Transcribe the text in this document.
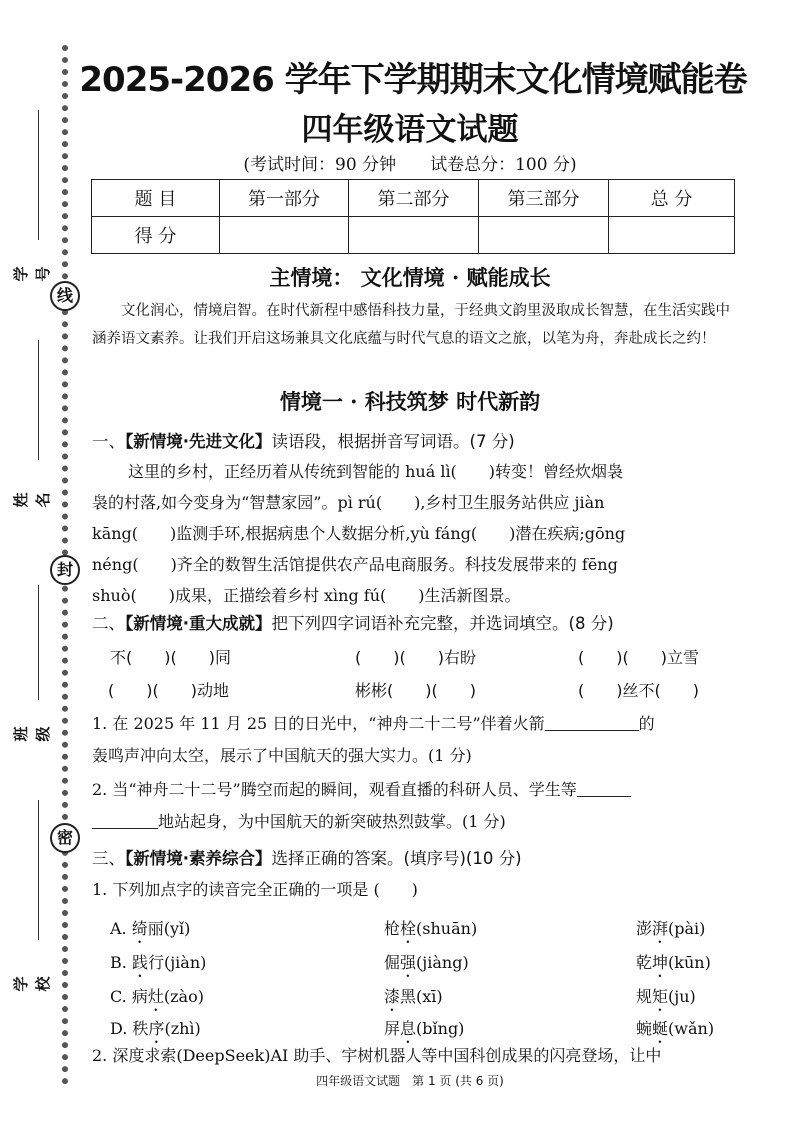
线
封
密
学号
姓名
班级
学校
2025-2026 学年下学期期末文化情境赋能卷
四年级语文试题
(考试时间：90 分钟　　试卷总分：100 分)
题 目	第一部分	第二部分	第三部分	总 分
得 分				
主情境： 文化情境 · 赋能成长
文化润心，情境启智。在时代新程中感悟科技力量，于经典文韵里汲取成长智慧，在生活实践中涵养语文素养。让我们开启这场兼具文化底蕴与时代气息的语文之旅，以笔为舟，奔赴成长之约！
情境一 · 科技筑梦 时代新韵
一、【新情境·先进文化】读语段，根据拼音写词语。(7 分)
这里的乡村，正经历着从传统到智能的 huá lì(　　)转变！曾经炊烟袅
袅的村落,如今变身为“智慧家园”。pì rú(　　),乡村卫生服务站供应 jiàn
kāng(　　)监测手环,根据病患个人数据分析,yù fáng(　　)潜在疾病;gōng
néng(　　)齐全的数智生活馆提供农产品电商服务。科技发展带来的 fēng
shuò(　　)成果，正描绘着乡村 xìng fú(　　)生活新图景。
二、【新情境·重大成就】把下列四字词语补充完整，并选词填空。(8 分)
不(　　)(　　)同	(　　)(　　)右盼	(　　)(　　)立雪
(　　)(　　)动地	彬彬(　　)(　　)	(　　)丝不(　　)
1. 在 2025 年 11 月 25 日的日光中，“神舟二十二号”伴着火箭	的
轰鸣声冲向太空，展示了中国航天的强大实力。(1 分)
2. 当“神舟二十二号”腾空而起的瞬间，观看直播的科研人员、学生等
地站起身，为中国航天的新突破热烈鼓掌。(1 分)
三、【新情境·素养综合】选择正确的答案。(填序号)(10 分)
1. 下列加点字的读音完全正确的一项是 (　　)
A. 绮丽(yǐ)	枪栓(shuān)	澎湃(pài)
B. 践行(jiàn)	倔强(jiàng)	乾坤(kūn)
C. 病灶(zào)	漆黑(xī)	规矩(ju)
D. 秩序(zhì)	屏息(bǐng)	蜿蜒(wǎn)
2. 深度求索(DeepSeek)AI 助手、宇树机器人等中国科创成果的闪亮登场，让中
四年级语文试题　第 1 页 (共 6 页)
